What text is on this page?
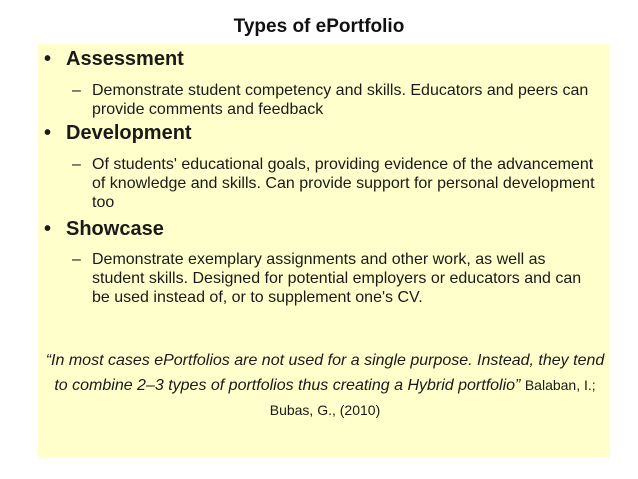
Types of ePortfolio
• Assessment
– Demonstrate student competency and skills. Educators and peers can provide comments and feedback
• Development
– Of students' educational goals, providing evidence of the advancement of knowledge and skills. Can provide support for personal development too
• Showcase
– Demonstrate exemplary assignments and other work, as well as student skills. Designed for potential employers or educators and can be used instead of, or to supplement one's CV.
“In most cases ePortfolios are not used for a single purpose. Instead, they tend to combine 2–3 types of portfolios thus creating a Hybrid portfolio” Balaban, I.; Bubas, G., (2010)
